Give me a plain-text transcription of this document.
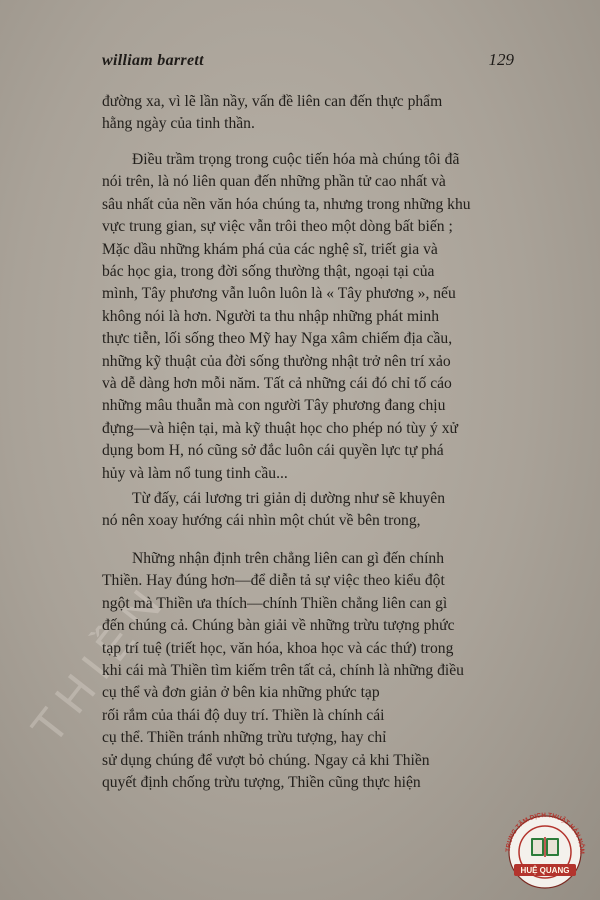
THIỀN
william barrett	129

đường xa, vì lẽ lần nầy, vấn đề liên can đến thực phẩm
hằng ngày của tinh thần.

Điều trầm trọng trong cuộc tiến hóa mà chúng tôi đã
nói trên, là nó liên quan đến những phần tử cao nhất và
sâu nhất của nền văn hóa chúng ta, nhưng trong những khu
vực trung gian, sự việc vẫn trôi theo một dòng bất biến ;
Mặc dầu những khám phá của các nghệ sĩ, triết gia và
bác học gia, trong đời sống thường thật, ngoại tại của
mình, Tây phương vẫn luôn luôn là « Tây phương », nếu
không nói là hơn. Người ta thu nhập những phát minh
thực tiễn, lối sống theo Mỹ hay Nga xâm chiếm địa cầu,
những kỹ thuật của đời sống thường nhật trở nên trí xảo
và dễ dàng hơn mỗi năm. Tất cả những cái đó chỉ tố cáo
những mâu thuẫn mà con người Tây phương đang chịu
đựng—và hiện tại, mà kỹ thuật học cho phép nó tùy ý xử
dụng bom H, nó cũng sở đắc luôn cái quyền lực tự phá
hủy và làm nổ tung tinh cầu...

Từ đấy, cái lương tri giản dị dường như sẽ khuyên
nó nên xoay hướng cái nhìn một chút về bên trong,

Những nhận định trên chẳng liên can gì đến chính
Thiền. Hay đúng hơn—để diễn tả sự việc theo kiểu đột
ngột mà Thiền ưa thích—chính Thiền chẳng liên can gì
đến chúng cả. Chúng bàn giải về những trừu tượng phức
tạp trí tuệ (triết học, văn hóa, khoa học và các thứ) trong
khi cái mà Thiền tìm kiếm trên tất cả, chính là những điều
cụ thể và đơn giản ở bên kia những phức tạp
rối rắm của thái độ duy trí. Thiền là chính cái
cụ thể. Thiền tránh những trừu tượng, hay chỉ
sử dụng chúng để vượt bỏ chúng. Ngay cả khi Thiền
quyết định chống trừu tượng, Thiền cũng thực hiện

TRUNG TÂM DỊCH THUẬT HÁN NÔM
HUỆ QUANG
